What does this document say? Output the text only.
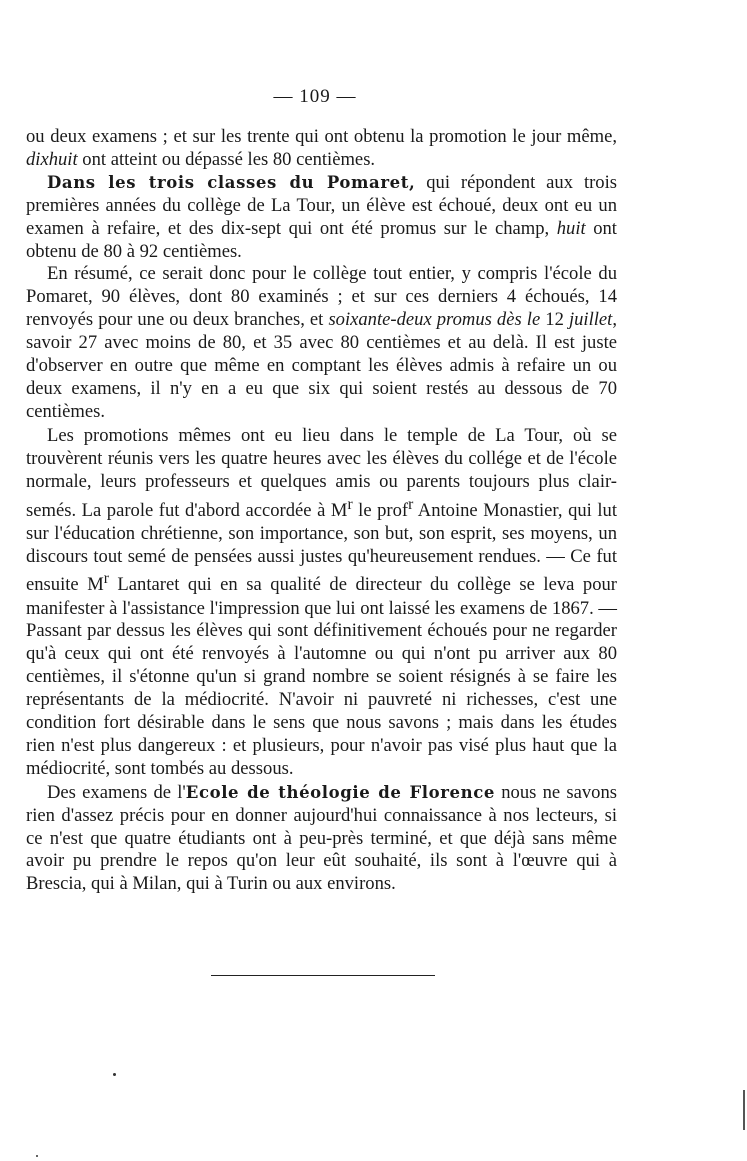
— 109 —

ou deux examens ; et sur les trente qui ont obtenu la promotion le jour même, dixhuit ont atteint ou dépassé les 80 centièmes.

Dans les trois classes du Pomaret, qui répondent aux trois premières années du collège de La Tour, un élève est échoué, deux ont eu un examen à refaire, et des dix-sept qui ont été promus sur le champ, huit ont obtenu de 80 à 92 centièmes.

En résumé, ce serait donc pour le collège tout entier, y compris l'école du Pomaret, 90 élèves, dont 80 examinés ; et sur ces derniers 4 échoués, 14 renvoyés pour une ou deux branches, et soixante-deux promus dès le 12 juillet, savoir 27 avec moins de 80, et 35 avec 80 centièmes et au delà. Il est juste d'observer en outre que même en comptant les élèves admis à refaire un ou deux examens, il n'y en a eu que six qui soient restés au dessous de 70 centièmes.

Les promotions mêmes ont eu lieu dans le temple de La Tour, où se trouvèrent réunis vers les quatre heures avec les élèves du collége et de l'école normale, leurs professeurs et quelques amis ou parents toujours plus clair-semés. La parole fut d'abord accordée à $M^r$ le prof$^r$ Antoine Monastier, qui lut sur l'éducation chrétienne, son importance, son but, son esprit, ses moyens, un discours tout semé de pensées aussi justes qu'heureusement rendues. — Ce fut ensuite $M^r$ Lantaret qui en sa qualité de directeur du collège se leva pour manifester à l'assistance l'impression que lui ont laissé les examens de 1867. — Passant par dessus les élèves qui sont définitivement échoués pour ne regarder qu'à ceux qui ont été renvoyés à l'automne ou qui n'ont pu arriver aux 80 centièmes, il s'étonne qu'un si grand nombre se soient résignés à se faire les représentants de la médiocrité. N'avoir ni pauvreté ni richesses, c'est une condition fort désirable dans le sens que nous savons ; mais dans les études rien n'est plus dangereux : et plusieurs, pour n'avoir pas visé plus haut que la médiocrité, sont tombés au dessous.

Des examens de l'Ecole de théologie de Florence nous ne savons rien d'assez précis pour en donner aujourd'hui connaissance à nos lecteurs, si ce n'est que quatre étudiants ont à peu-près terminé, et que déjà sans même avoir pu prendre le repos qu'on leur eût souhaité, ils sont à l'œuvre qui à Brescia, qui à Milan, qui à Turin ou aux environs.
